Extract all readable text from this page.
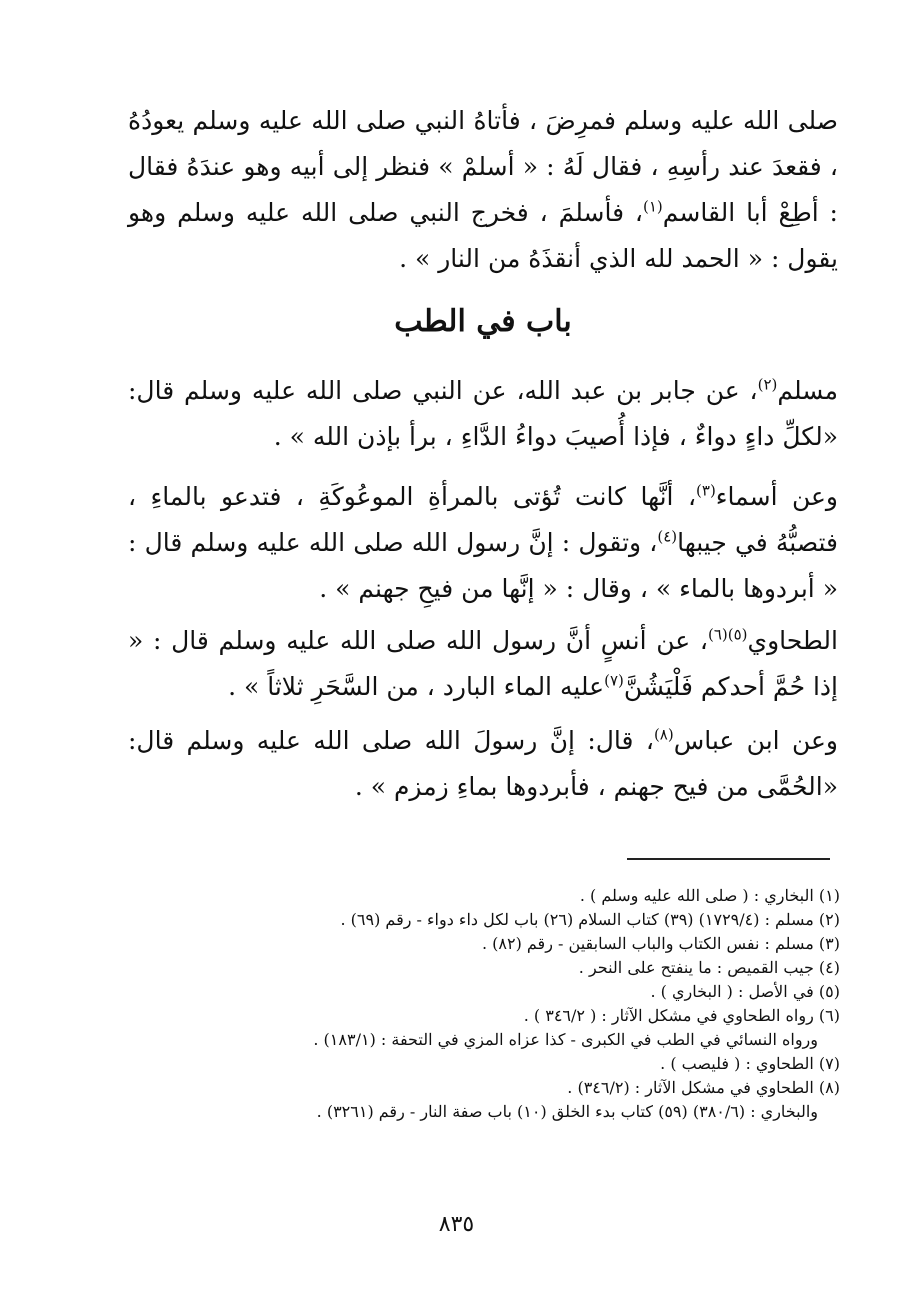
صلى الله عليه وسلم فمرِضَ ، فأتاهُ النبي صلى الله عليه وسلم يعودُهُ ، فقعدَ عند رأسِهِ ، فقال لَهُ : « أسلمْ » فنظر إلى أبيه وهو عندَهُ فقال : أطِعْ أبا القاسم$^{(١)}$، فأسلمَ ، فخرج النبي صلى الله عليه وسلم وهو يقول : « الحمد لله الذي أنقذَهُ من النار » .

باب في الطب

مسلم$^{(٢)}$، عن جابر بن عبد الله، عن النبي صلى الله عليه وسلم قال: «لكلِّ داءٍ دواءٌ ، فإذا أُصيبَ دواءُ الدَّاءِ ، برأ بإذن الله » .

وعن أسماء$^{(٣)}$، أنَّها كانت تُؤتى بالمرأةِ الموعُوكَةِ ، فتدعو بالماءِ ، فتصبُّهُ في جيبها$^{(٤)}$، وتقول : إنَّ رسول الله صلى الله عليه وسلم قال : « أبردوها بالماء » ، وقال : « إنَّها من فيحِ جهنم » .

الطحاوي$^{(٥)(٦)}$، عن أنسٍ أنَّ رسول الله صلى الله عليه وسلم قال : « إذا حُمَّ أحدكم فَلْيَشُنَّ$^{(٧)}$عليه الماء البارد ، من السَّحَرِ ثلاثاً » .

وعن ابن عباس$^{(٨)}$، قال: إنَّ رسولَ الله صلى الله عليه وسلم قال: «الحُمَّى من فيح جهنم ، فأبردوها بماءِ زمزم » .

(١) البخاري : ( صلى الله عليه وسلم ) .
(٢) مسلم : (١٧٢٩/٤) (٣٩) كتاب السلام (٢٦) باب لكل داء دواء - رقم (٦٩) .
(٣) مسلم : نفس الكتاب والباب السابقين - رقم (٨٢) .
(٤) جيب القميص : ما ينفتح على النحر .
(٥) في الأصل : ( البخاري ) .
(٦) رواه الطحاوي في مشكل الآثار : ( ٣٤٦/٢ ) .
ورواه النسائي في الطب في الكبرى - كذا عزاه المزي في التحفة : (١٨٣/١) .
(٧) الطحاوي : ( فليصب ) .
(٨) الطحاوي في مشكل الآثار : (٣٤٦/٢) .
والبخاري : (٣٨٠/٦) (٥٩) كتاب بدء الخلق (١٠) باب صفة النار - رقم (٣٢٦١) .
٨٣٥
